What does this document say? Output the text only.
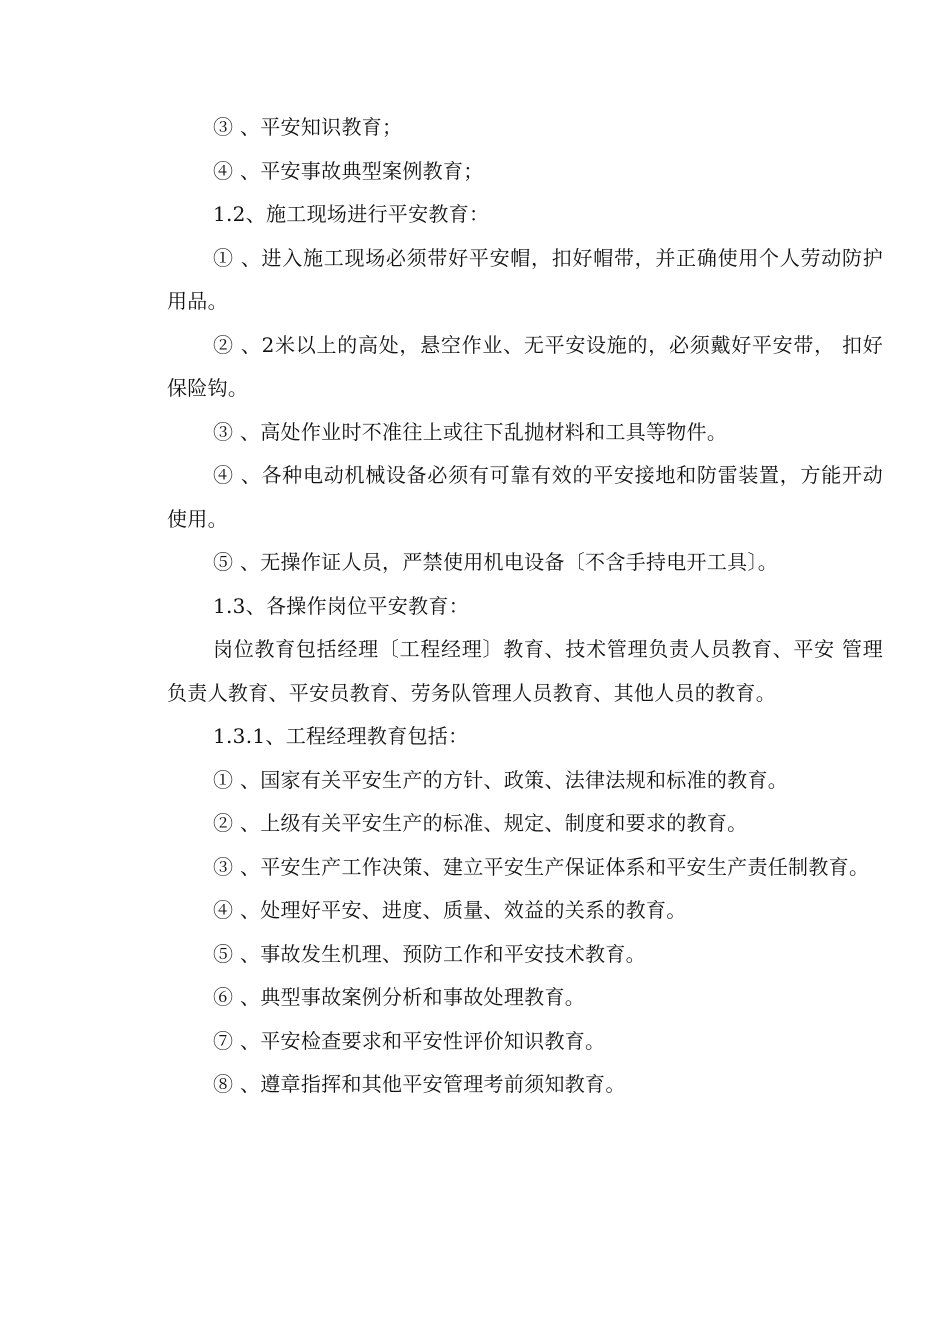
③ 、平安知识教育；

④ 、平安事故典型案例教育；

1.2、施工现场进行平安教育：

① 、进入施工现场必须带好平安帽，扣好帽带，并正确使用个人劳动防护用品。

② 、2米以上的高处，悬空作业、无平安设施的，必须戴好平安带， 扣好保险钩。

③ 、高处作业时不准往上或往下乱抛材料和工具等物件。

④ 、各种电动机械设备必须有可靠有效的平安接地和防雷装置，方能开动使用。

⑤ 、无操作证人员，严禁使用机电设备〔不含手持电开工具〕。

1.3、各操作岗位平安教育：

岗位教育包括经理〔工程经理〕教育、技术管理负责人员教育、平安 管理负责人教育、平安员教育、劳务队管理人员教育、其他人员的教育。

1.3.1、工程经理教育包括：

① 、国家有关平安生产的方针、政策、法律法规和标准的教育。

② 、上级有关平安生产的标准、规定、制度和要求的教育。

③ 、平安生产工作决策、建立平安生产保证体系和平安生产责任制教育。

④ 、处理好平安、进度、质量、效益的关系的教育。

⑤ 、事故发生机理、预防工作和平安技术教育。

⑥ 、典型事故案例分析和事故处理教育。

⑦ 、平安检查要求和平安性评价知识教育。

⑧ 、遵章指挥和其他平安管理考前须知教育。
